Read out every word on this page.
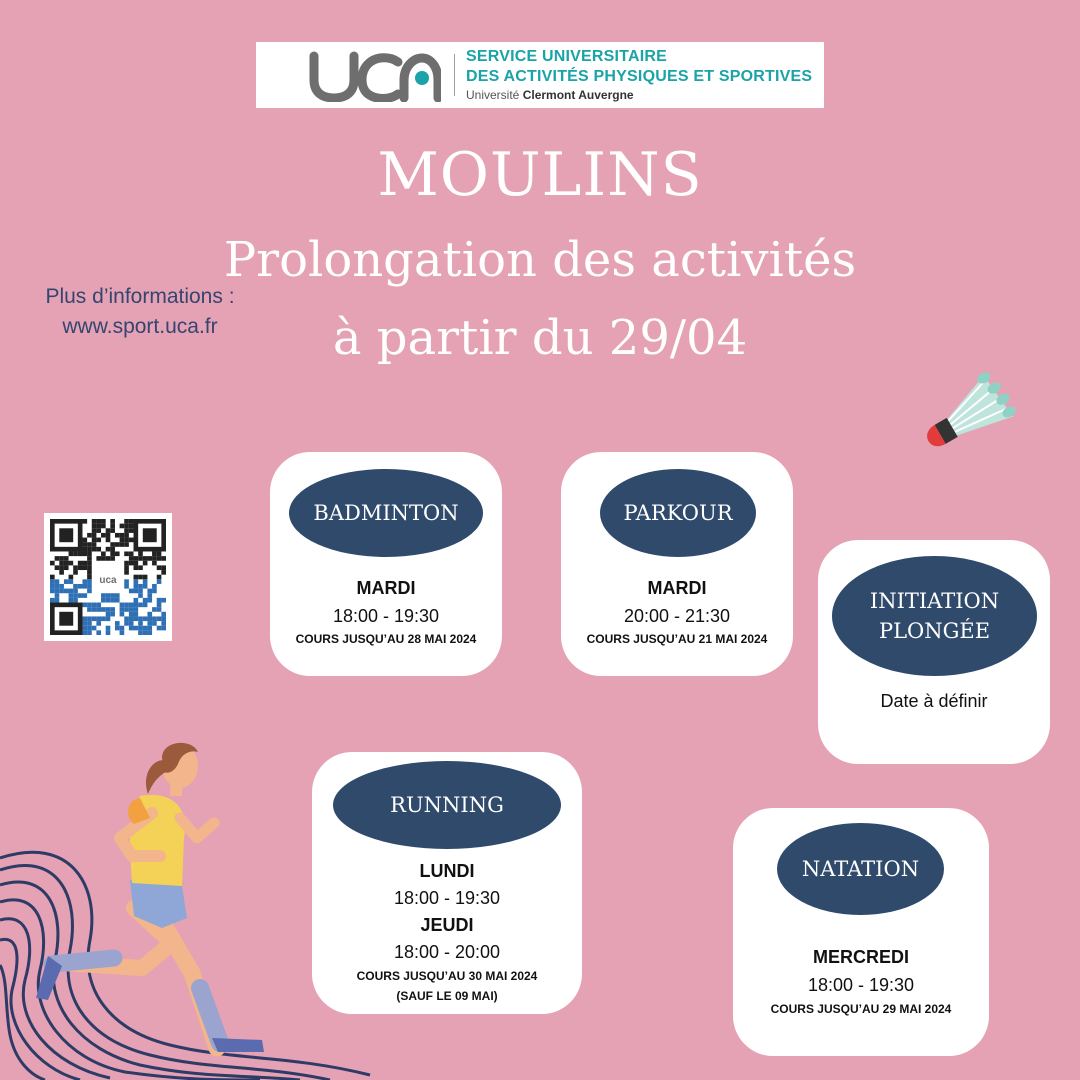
SERVICE UNIVERSITAIRE
DES ACTIVITÉS PHYSIQUES ET SPORTIVES
Université Clermont Auvergne
MOULINS
Prolongation des activités
à partir du 29/04
Plus d’informations :
www.sport.uca.fr
uca
BADMINTON
MARDI
18:00 - 19:30
COURS JUSQU’AU 28 MAI 2024
PARKOUR
MARDI
20:00 - 21:30
COURS JUSQU’AU 21 MAI 2024
INITIATION
PLONGÉE
Date à définir
RUNNING
LUNDI
18:00 - 19:30
JEUDI
18:00 - 20:00
COURS JUSQU’AU 30 MAI 2024
(SAUF LE 09 MAI)
NATATION
MERCREDI
18:00 - 19:30
COURS JUSQU’AU 29 MAI 2024
